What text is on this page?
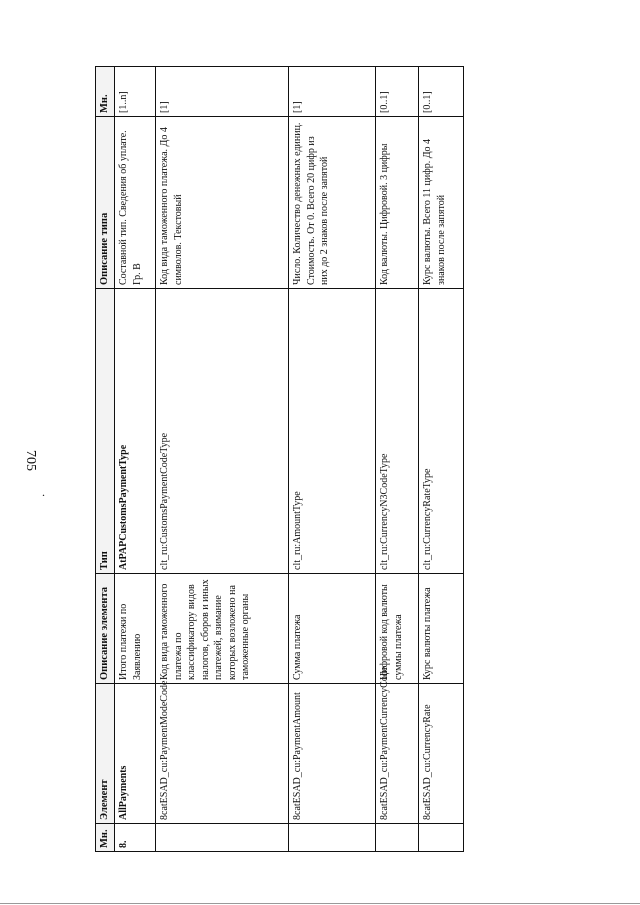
705
.
Мн.	Элемент	Описание элемента	Тип	Описание типа	Мн.
8.	AllPayments	Итого платежи по Заявлению	AtPAPCustomsPaymentType	Составной тип. Сведения об уплате. Гр. В	[1..n]
	8catESAD_cu:PaymentModeCode	Код вида таможенного платежа по классификатору видов налогов, сборов и иных платежей, взимание которых возложено на таможенные органы	clt_ru:CustomsPaymentCodeType	Код вида таможенного платежа. До 4 символов. Текстовый	[1]
	8catESAD_cu:PaymentAmount	Сумма платежа	clt_ru:AmountType	Число. Количество денежных единиц. Стоимость. От 0. Всего 20 цифр из них до 2 знаков после запятой	[1]
	8catESAD_cu:PaymentCurrencyCode	Цифровой код валюты суммы платежа	clt_ru:CurrencyN3CodeType	Код валюты. Цифровой. 3 цифры	[0..1]
	8catESAD_cu:CurrencyRate	Курс валюты платежа	clt_ru:CurrencyRateType	Курс валюты. Всего 11 цифр. До 4 знаков после запятой	[0..1]
